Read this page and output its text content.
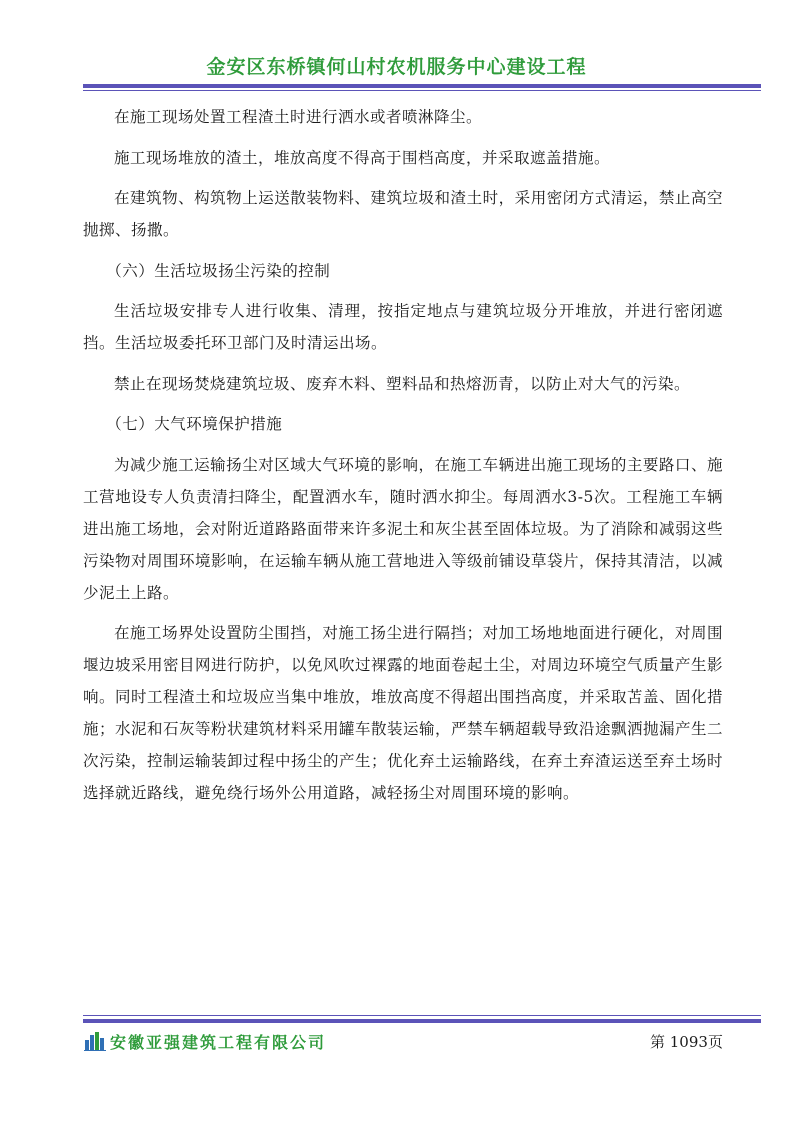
金安区东桥镇何山村农机服务中心建设工程

在施工现场处置工程渣土时进行洒水或者喷淋降尘。

施工现场堆放的渣土，堆放高度不得高于围档高度，并采取遮盖措施。

在建筑物、构筑物上运送散装物料、建筑垃圾和渣土时，采用密闭方式清运，禁止高空抛掷、扬撒。

（六）生活垃圾扬尘污染的控制

生活垃圾安排专人进行收集、清理，按指定地点与建筑垃圾分开堆放，并进行密闭遮挡。生活垃圾委托环卫部门及时清运出场。

禁止在现场焚烧建筑垃圾、废弃木料、塑料品和热熔沥青，以防止对大气的污染。

（七）大气环境保护措施

为减少施工运输扬尘对区域大气环境的影响，在施工车辆进出施工现场的主要路口、施工营地设专人负责清扫降尘，配置洒水车，随时洒水抑尘。每周洒水3-5次。工程施工车辆进出施工场地，会对附近道路路面带来许多泥土和灰尘甚至固体垃圾。为了消除和减弱这些污染物对周围环境影响，在运输车辆从施工营地进入等级前铺设草袋片，保持其清洁，以减少泥土上路。

在施工场界处设置防尘围挡，对施工扬尘进行隔挡；对加工场地地面进行硬化，对周围堰边坡采用密目网进行防护，以免风吹过裸露的地面卷起土尘，对周边环境空气质量产生影响。同时工程渣土和垃圾应当集中堆放，堆放高度不得超出围挡高度，并采取苫盖、固化措施；水泥和石灰等粉状建筑材料采用罐车散装运输，严禁车辆超载导致沿途飘洒抛漏产生二次污染，控制运输装卸过程中扬尘的产生；优化弃土运输路线，在弃土弃渣运送至弃土场时选择就近路线，避免绕行场外公用道路，减轻扬尘对周围环境的影响。

安徽亚强建筑工程有限公司	第 1093页
